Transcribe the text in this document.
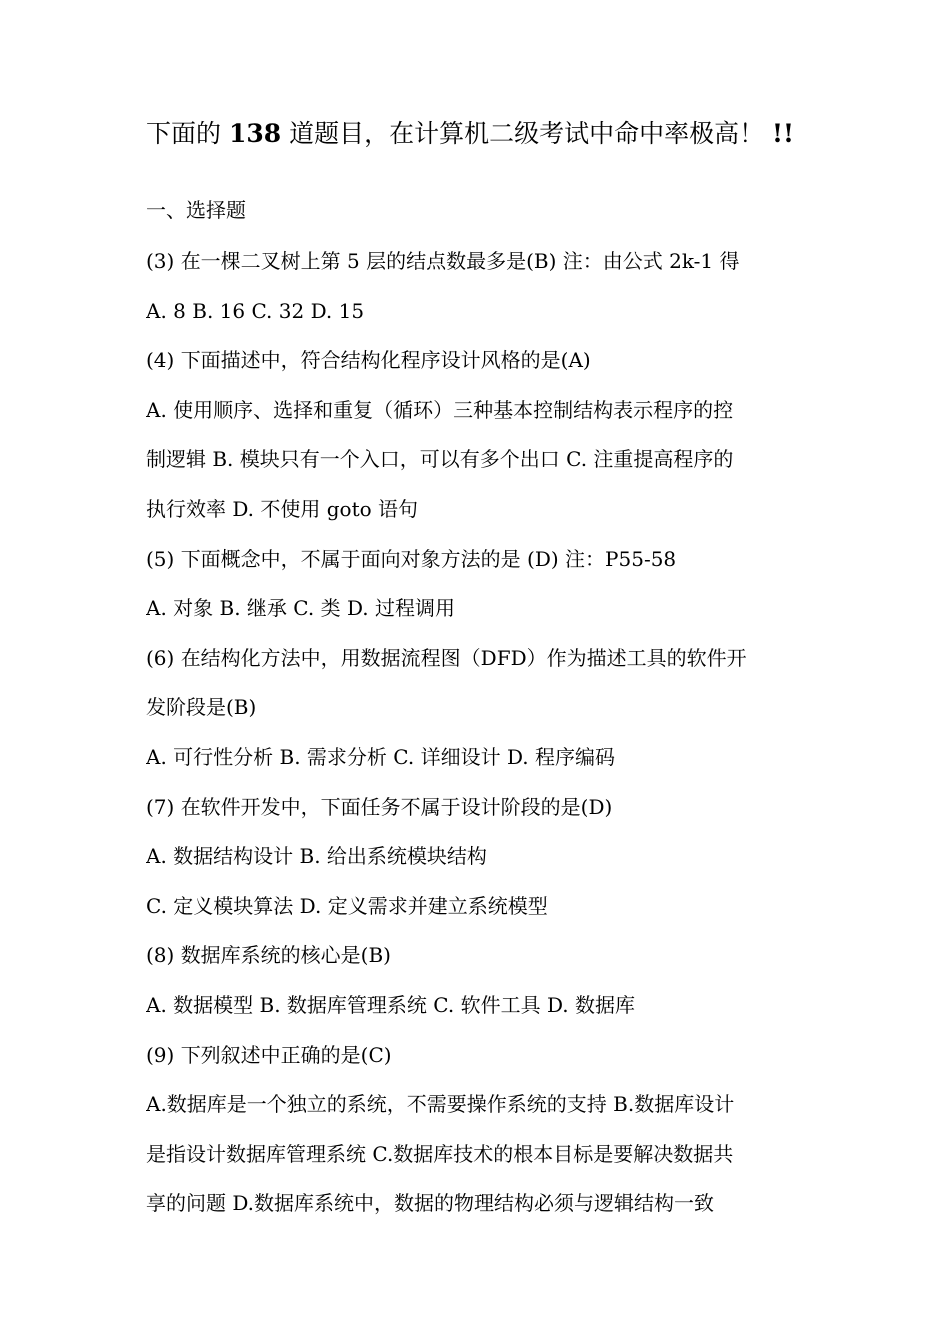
下面的 138 道题目，在计算机二级考试中命中率极高！ !!
一、选择题
(3) 在一棵二叉树上第 5 层的结点数最多是(B) 注：由公式 2k-1 得
A. 8 B. 16 C. 32 D. 15
(4) 下面描述中，符合结构化程序设计风格的是(A)
A. 使用顺序、选择和重复（循环）三种基本控制结构表示程序的控
制逻辑 B. 模块只有一个入口，可以有多个出口 C. 注重提高程序的
执行效率 D. 不使用 goto 语句
(5) 下面概念中，不属于面向对象方法的是 (D) 注：P55-58
A. 对象 B. 继承 C. 类 D. 过程调用
(6) 在结构化方法中，用数据流程图（DFD）作为描述工具的软件开
发阶段是(B)
A. 可行性分析 B. 需求分析 C. 详细设计 D. 程序编码
(7) 在软件开发中，下面任务不属于设计阶段的是(D)
A. 数据结构设计 B. 给出系统模块结构
C. 定义模块算法 D. 定义需求并建立系统模型
(8) 数据库系统的核心是(B)
A. 数据模型 B. 数据库管理系统 C. 软件工具 D. 数据库
(9) 下列叙述中正确的是(C)
A.数据库是一个独立的系统，不需要操作系统的支持 B.数据库设计
是指设计数据库管理系统 C.数据库技术的根本目标是要解决数据共
享的问题 D.数据库系统中，数据的物理结构必须与逻辑结构一致
